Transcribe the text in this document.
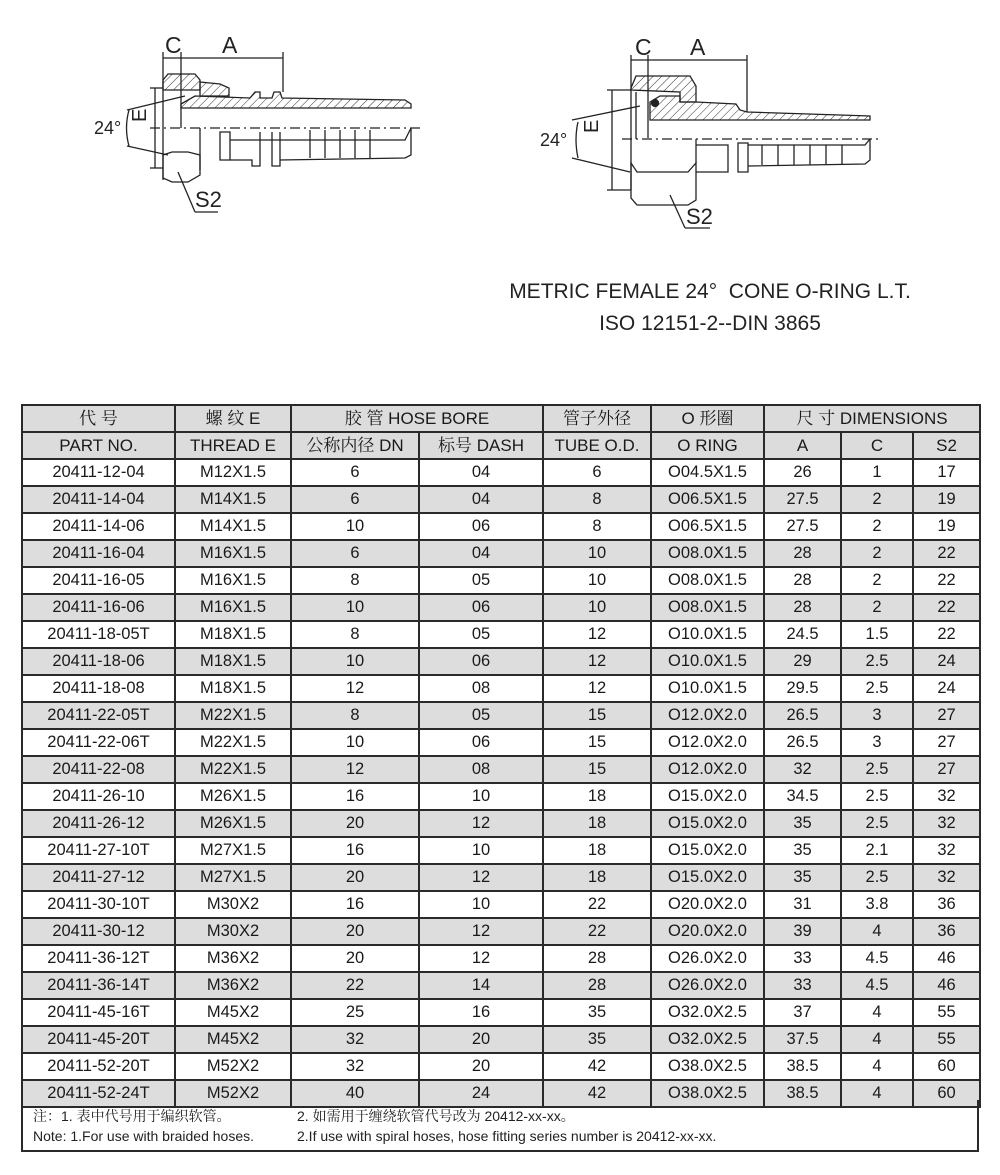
C A
24°
E
S2
C A
24°
E
S2
METRIC FEMALE 24°  CONE O-RING L.T.
ISO 12151-2--DIN 3865
代 号	螺 纹 E	胶 管 HOSE BORE		管子外径	O 形圈	尺 寸 DIMENSIONS		
PART NO.	THREAD E	公称内径 DN	标号 DASH	TUBE O.D.	O RING	A	C	S2
20411-12-04	M12X1.5	6	04	6	O04.5X1.5	26	1	17
20411-14-04	M14X1.5	6	04	8	O06.5X1.5	27.5	2	19
20411-14-06	M14X1.5	10	06	8	O06.5X1.5	27.5	2	19
20411-16-04	M16X1.5	6	04	10	O08.0X1.5	28	2	22
20411-16-05	M16X1.5	8	05	10	O08.0X1.5	28	2	22
20411-16-06	M16X1.5	10	06	10	O08.0X1.5	28	2	22
20411-18-05T	M18X1.5	8	05	12	O10.0X1.5	24.5	1.5	22
20411-18-06	M18X1.5	10	06	12	O10.0X1.5	29	2.5	24
20411-18-08	M18X1.5	12	08	12	O10.0X1.5	29.5	2.5	24
20411-22-05T	M22X1.5	8	05	15	O12.0X2.0	26.5	3	27
20411-22-06T	M22X1.5	10	06	15	O12.0X2.0	26.5	3	27
20411-22-08	M22X1.5	12	08	15	O12.0X2.0	32	2.5	27
20411-26-10	M26X1.5	16	10	18	O15.0X2.0	34.5	2.5	32
20411-26-12	M26X1.5	20	12	18	O15.0X2.0	35	2.5	32
20411-27-10T	M27X1.5	16	10	18	O15.0X2.0	35	2.1	32
20411-27-12	M27X1.5	20	12	18	O15.0X2.0	35	2.5	32
20411-30-10T	M30X2	16	10	22	O20.0X2.0	31	3.8	36
20411-30-12	M30X2	20	12	22	O20.0X2.0	39	4	36
20411-36-12T	M36X2	20	12	28	O26.0X2.0	33	4.5	46
20411-36-14T	M36X2	22	14	28	O26.0X2.0	33	4.5	46
20411-45-16T	M45X2	25	16	35	O32.0X2.5	37	4	55
20411-45-20T	M45X2	32	20	35	O32.0X2.5	37.5	4	55
20411-52-20T	M52X2	32	20	42	O38.0X2.5	38.5	4	60
20411-52-24T	M52X2	40	24	42	O38.0X2.5	38.5	4	60
注：1. 表中代号用于编织软管。	2. 如需用于缠绕软管代号改为 20412-xx-xx。
Note: 1.For use with braided hoses.	2.If use with spiral hoses, hose fitting series number is 20412-xx-xx.
